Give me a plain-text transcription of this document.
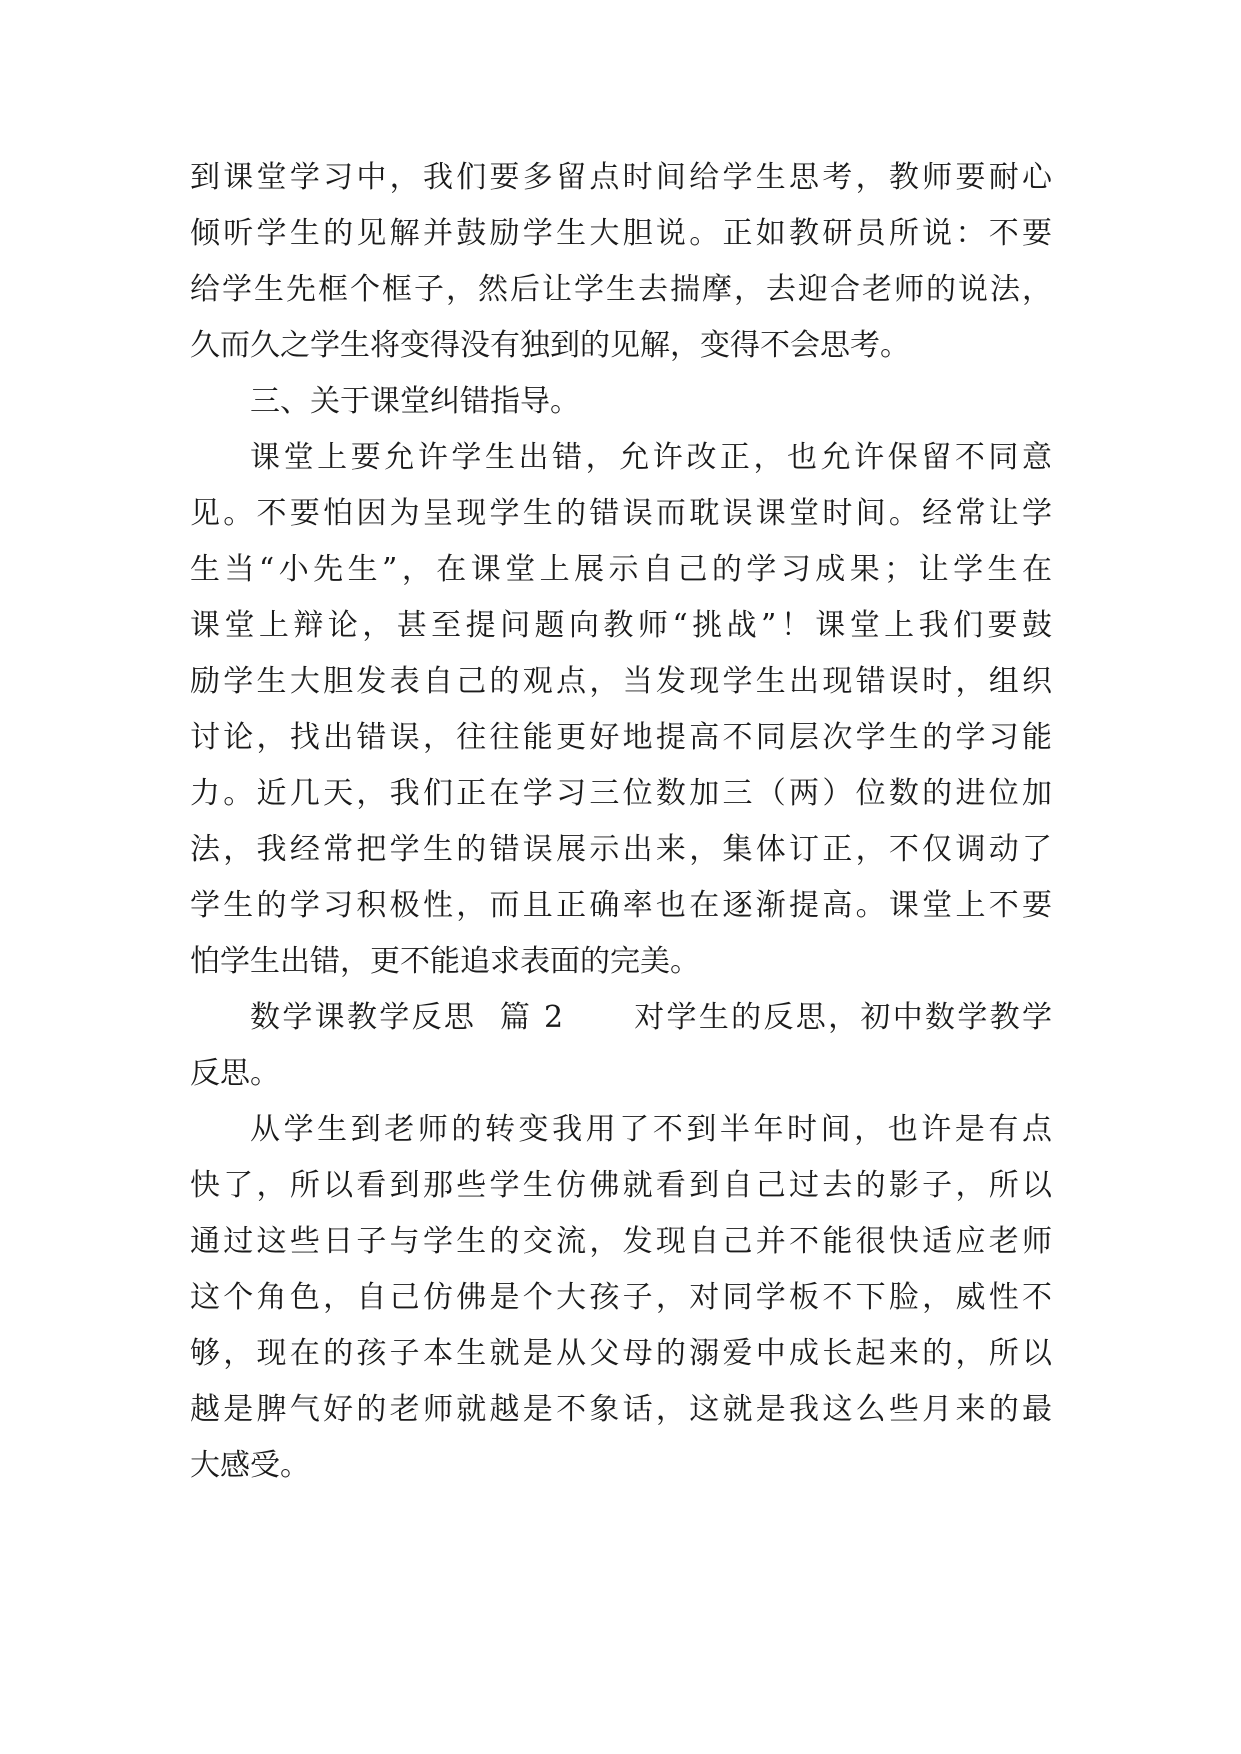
到课堂学习中，我们要多留点时间给学生思考，教师要耐心
倾听学生的见解并鼓励学生大胆说。正如教研员所说：不要
给学生先框个框子，然后让学生去揣摩，去迎合老师的说法，
久而久之学生将变得没有独到的见解，变得不会思考。
三、关于课堂纠错指导。
课堂上要允许学生出错，允许改正，也允许保留不同意
见。不要怕因为呈现学生的错误而耽误课堂时间。经常让学
生当“小先生”，在课堂上展示自己的学习成果；让学生在
课堂上辩论，甚至提问题向教师“挑战”！课堂上我们要鼓
励学生大胆发表自己的观点，当发现学生出现错误时，组织
讨论，找出错误，往往能更好地提高不同层次学生的学习能
力。近几天，我们正在学习三位数加三（两）位数的进位加
法，我经常把学生的错误展示出来，集体订正，不仅调动了
学生的学习积极性，而且正确率也在逐渐提高。课堂上不要
怕学生出错，更不能追求表面的完美。
数学课教学反思  篇 2      对学生的反思，初中数学教学
反思。
从学生到老师的转变我用了不到半年时间，也许是有点
快了，所以看到那些学生仿佛就看到自己过去的影子，所以
通过这些日子与学生的交流，发现自己并不能很快适应老师
这个角色，自己仿佛是个大孩子，对同学板不下脸，威性不
够，现在的孩子本生就是从父母的溺爱中成长起来的，所以
越是脾气好的老师就越是不象话，这就是我这么些月来的最
大感受。
